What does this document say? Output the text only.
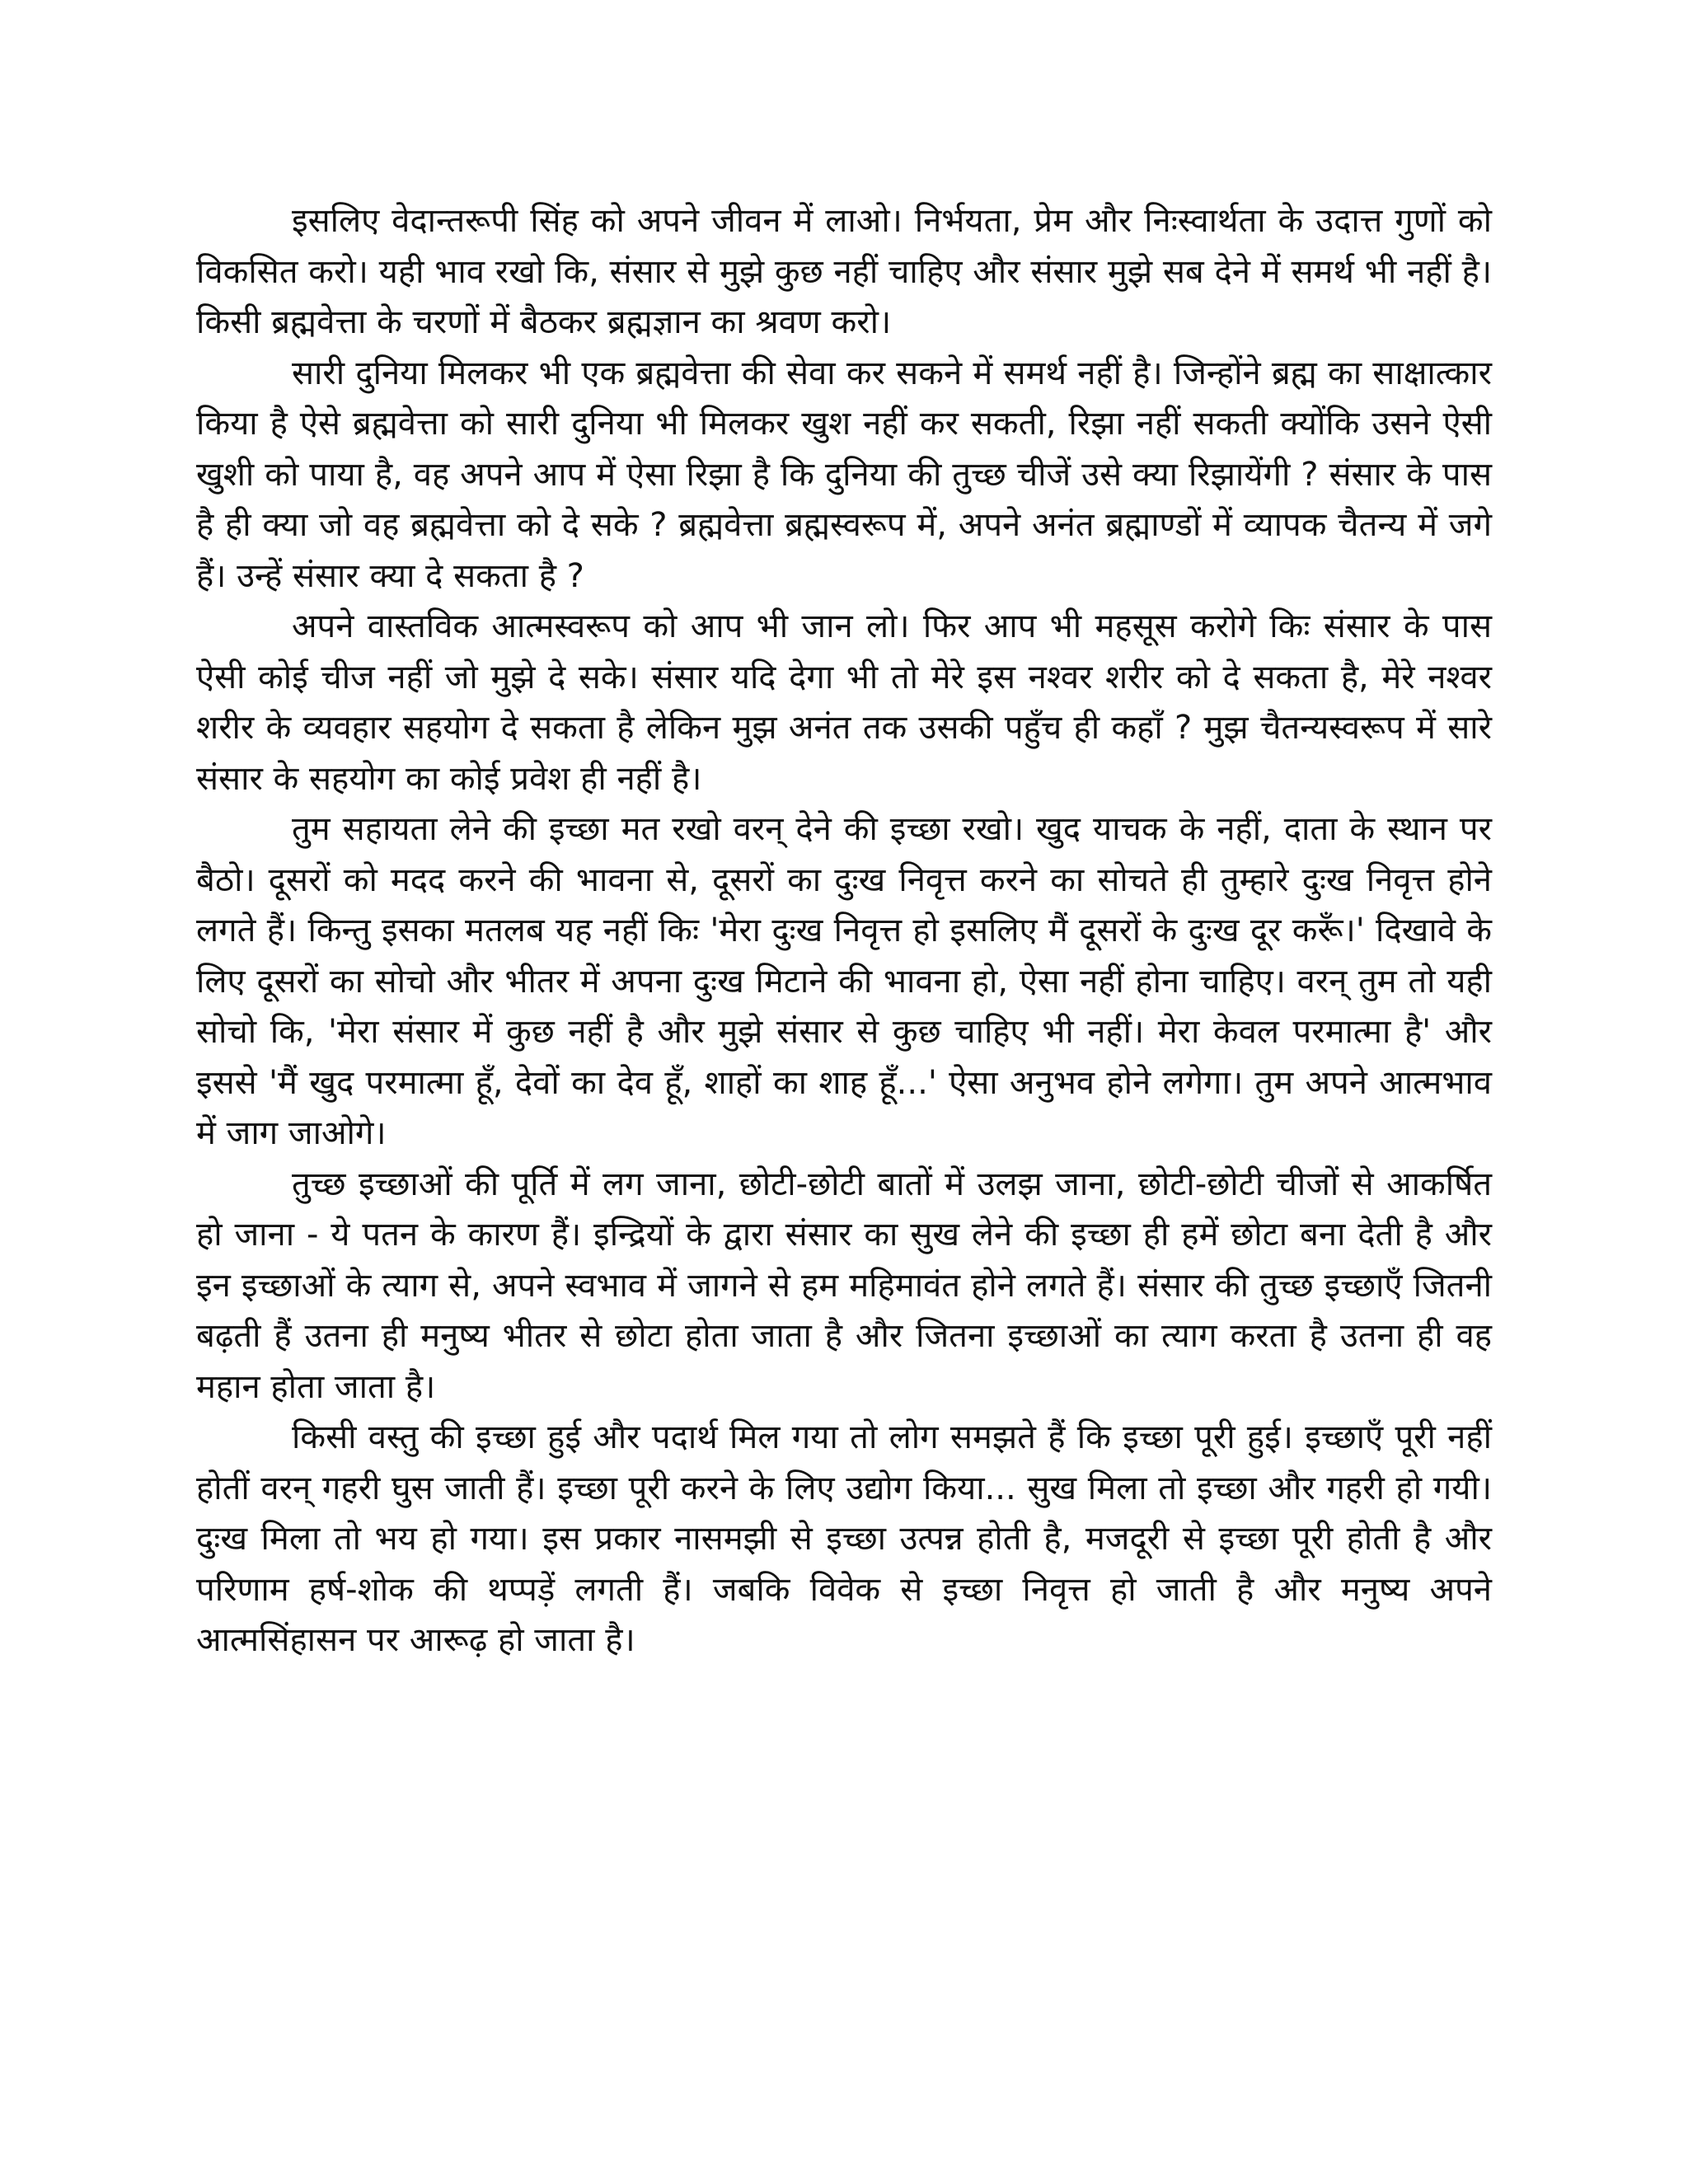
इसलिए वेदान्तरूपी सिंह को अपने जीवन में लाओ। निर्भयता, प्रेम और निःस्वार्थता के उदात्त गुणों को विकसित करो। यही भाव रखो कि, संसार से मुझे कुछ नहीं चाहिए और संसार मुझे सब देने में समर्थ भी नहीं है। किसी ब्रह्मवेत्ता के चरणों में बैठकर ब्रह्मज्ञान का श्रवण करो।

सारी दुनिया मिलकर भी एक ब्रह्मवेत्ता की सेवा कर सकने में समर्थ नहीं है। जिन्होंने ब्रह्म का साक्षात्कार किया है ऐसे ब्रह्मवेत्ता को सारी दुनिया भी मिलकर खुश नहीं कर सकती, रिझा नहीं सकती क्योंकि उसने ऐसी खुशी को पाया है, वह अपने आप में ऐसा रिझा है कि दुनिया की तुच्छ चीजें उसे क्या रिझायेंगी ? संसार के पास है ही क्या जो वह ब्रह्मवेत्ता को दे सके ? ब्रह्मवेत्ता ब्रह्मस्वरूप में, अपने अनंत ब्रह्माण्डों में व्यापक चैतन्य में जगे हैं। उन्हें संसार क्या दे सकता है ?

अपने वास्तविक आत्मस्वरूप को आप भी जान लो। फिर आप भी महसूस करोगे किः संसार के पास ऐसी कोई चीज नहीं जो मुझे दे सके। संसार यदि देगा भी तो मेरे इस नश्वर शरीर को दे सकता है, मेरे नश्वर शरीर के व्यवहार सहयोग दे सकता है लेकिन मुझ अनंत तक उसकी पहुँच ही कहाँ ? मुझ चैतन्यस्वरूप में सारे संसार के सहयोग का कोई प्रवेश ही नहीं है।

तुम सहायता लेने की इच्छा मत रखो वरन् देने की इच्छा रखो। खुद याचक के नहीं, दाता के स्थान पर बैठो। दूसरों को मदद करने की भावना से, दूसरों का दुःख निवृत्त करने का सोचते ही तुम्हारे दुःख निवृत्त होने लगते हैं। किन्तु इसका मतलब यह नहीं किः 'मेरा दुःख निवृत्त हो इसलिए मैं दूसरों के दुःख दूर करूँ।' दिखावे के लिए दूसरों का सोचो और भीतर में अपना दुःख मिटाने की भावना हो, ऐसा नहीं होना चाहिए। वरन् तुम तो यही सोचो कि, 'मेरा संसार में कुछ नहीं है और मुझे संसार से कुछ चाहिए भी नहीं। मेरा केवल परमात्मा है' और इससे 'मैं खुद परमात्मा हूँ, देवों का देव हूँ, शाहों का शाह हूँ...' ऐसा अनुभव होने लगेगा। तुम अपने आत्मभाव में जाग जाओगे।

तुच्छ इच्छाओं की पूर्ति में लग जाना, छोटी-छोटी बातों में उलझ जाना, छोटी-छोटी चीजों से आकर्षित हो जाना - ये पतन के कारण हैं। इन्द्रियों के द्वारा संसार का सुख लेने की इच्छा ही हमें छोटा बना देती है और इन इच्छाओं के त्याग से, अपने स्वभाव में जागने से हम महिमावंत होने लगते हैं। संसार की तुच्छ इच्छाएँ जितनी बढ़ती हैं उतना ही मनुष्य भीतर से छोटा होता जाता है और जितना इच्छाओं का त्याग करता है उतना ही वह महान होता जाता है।

किसी वस्तु की इच्छा हुई और पदार्थ मिल गया तो लोग समझते हैं कि इच्छा पूरी हुई। इच्छाएँ पूरी नहीं होतीं वरन् गहरी घुस जाती हैं। इच्छा पूरी करने के लिए उद्योग किया... सुख मिला तो इच्छा और गहरी हो गयी। दुःख मिला तो भय हो गया। इस प्रकार नासमझी से इच्छा उत्पन्न होती है, मजदूरी से इच्छा पूरी होती है और परिणाम हर्ष-शोक की थप्पड़ें लगती हैं। जबकि विवेक से इच्छा निवृत्त हो जाती है और मनुष्य अपने आत्मसिंहासन पर आरूढ़ हो जाता है।
